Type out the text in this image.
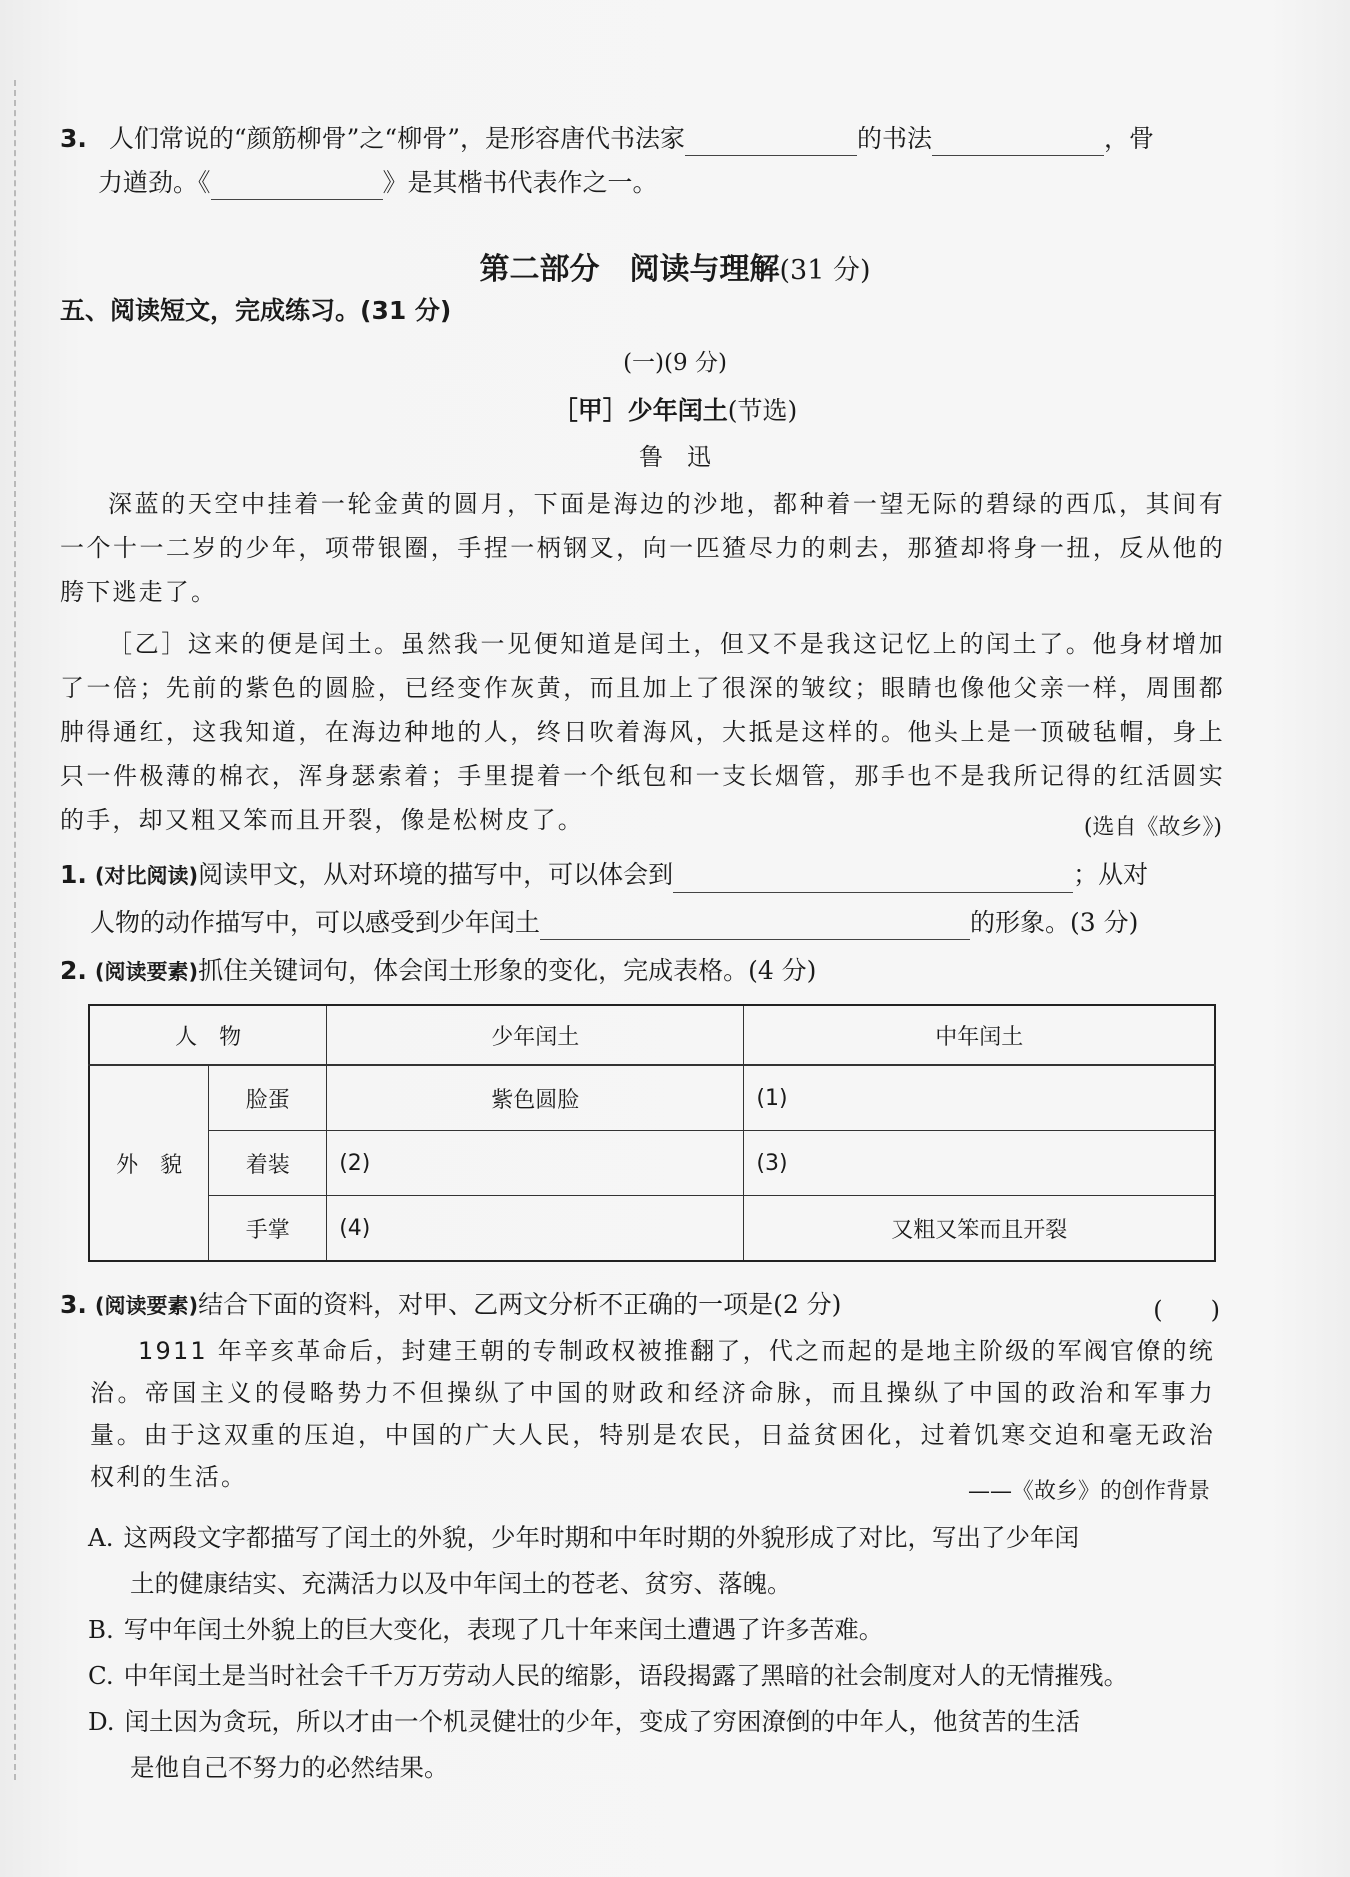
3. 人们常说的“颜筋柳骨”之“柳骨”，是形容唐代书法家	的书法	，骨
力遒劲。《	》是其楷书代表作之一。
第二部分　阅读与理解(31 分)
五、阅读短文，完成练习。(31 分)
(一)(9 分)
［甲］少年闰土(节选)
鲁　迅

深蓝的天空中挂着一轮金黄的圆月，下面是海边的沙地，都种着一望无际的碧绿的西瓜，其间有一个十一二岁的少年，项带银圈，手捏一柄钢叉，向一匹猹尽力的刺去，那猹却将身一扭，反从他的胯下逃走了。

［乙］这来的便是闰土。虽然我一见便知道是闰土，但又不是我这记忆上的闰土了。他身材增加了一倍；先前的紫色的圆脸，已经变作灰黄，而且加上了很深的皱纹；眼睛也像他父亲一样，周围都肿得通红，这我知道，在海边种地的人，终日吹着海风，大抵是这样的。他头上是一顶破毡帽，身上只一件极薄的棉衣，浑身瑟索着；手里提着一个纸包和一支长烟管，那手也不是我所记得的红活圆实的手，却又粗又笨而且开裂，像是松树皮了。	(选自《故乡》)
1. (对比阅读)阅读甲文，从对环境的描写中，可以体会到	；从对
人物的动作描写中，可以感受到少年闰土	的形象。(3 分)
2. (阅读要素)抓住关键词句，体会闰土形象的变化，完成表格。(4 分)
人　物		少年闰土	中年闰土
外　貌	脸蛋	紫色圆脸	(1)
	着装	(2)	(3)
	手掌	(4)	又粗又笨而且开裂
3. (阅读要素)结合下面的资料，对甲、乙两文分析不正确的一项是(2 分)	(　　)

1911 年辛亥革命后，封建王朝的专制政权被推翻了，代之而起的是地主阶级的军阀官僚的统治。帝国主义的侵略势力不但操纵了中国的财政和经济命脉，而且操纵了中国的政治和军事力量。由于这双重的压迫，中国的广大人民，特别是农民，日益贫困化，过着饥寒交迫和毫无政治权利的生活。

——《故乡》的创作背景
A. 这两段文字都描写了闰土的外貌，少年时期和中年时期的外貌形成了对比，写出了少年闰
土的健康结实、充满活力以及中年闰土的苍老、贫穷、落魄。
B. 写中年闰土外貌上的巨大变化，表现了几十年来闰土遭遇了许多苦难。
C. 中年闰土是当时社会千千万万劳动人民的缩影，语段揭露了黑暗的社会制度对人的无情摧残。
D. 闰土因为贪玩，所以才由一个机灵健壮的少年，变成了穷困潦倒的中年人，他贫苦的生活
是他自己不努力的必然结果。
